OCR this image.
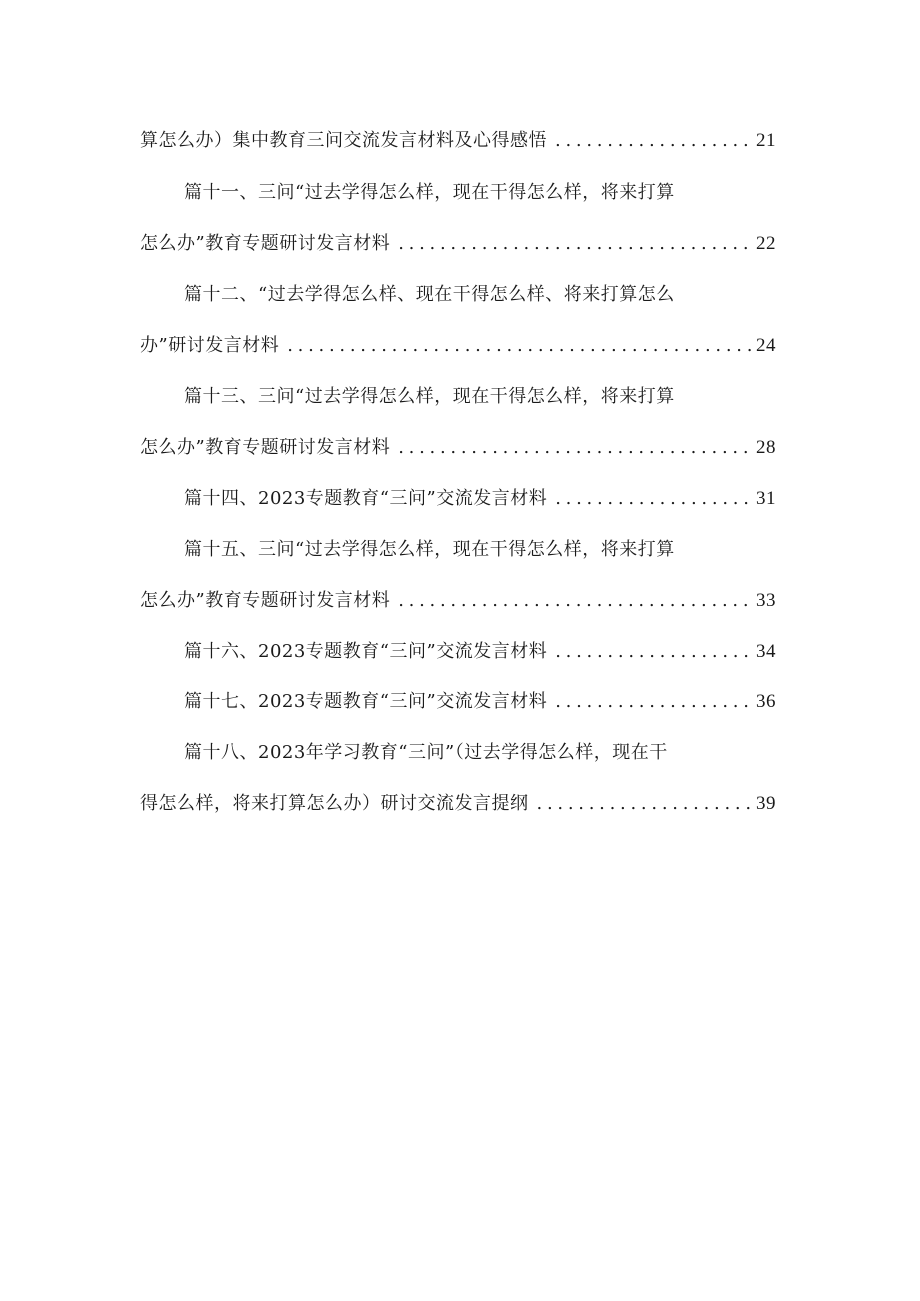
算怎么办）集中教育三问交流发言材料及心得感悟 . . .	21
篇十一、三问“过去学得怎么样，现在干得怎么样，将来打算
怎么办”教育专题研讨发言材料 . . .	22
篇十二、“过去学得怎么样、现在干得怎么样、将来打算怎么
办”研讨发言材料 . . .	24
篇十三、三问“过去学得怎么样，现在干得怎么样，将来打算
怎么办”教育专题研讨发言材料 . . .	28
篇十四、2023专题教育“三问”交流发言材料 . . .	31
篇十五、三问“过去学得怎么样，现在干得怎么样，将来打算
怎么办”教育专题研讨发言材料 . . .	33
篇十六、2023专题教育“三问”交流发言材料 . . .	34
篇十七、2023专题教育“三问”交流发言材料 . . .	36
篇十八、2023年学习教育“三问”（过去学得怎么样，现在干
得怎么样，将来打算怎么办）研讨交流发言提纲 . . .	39
